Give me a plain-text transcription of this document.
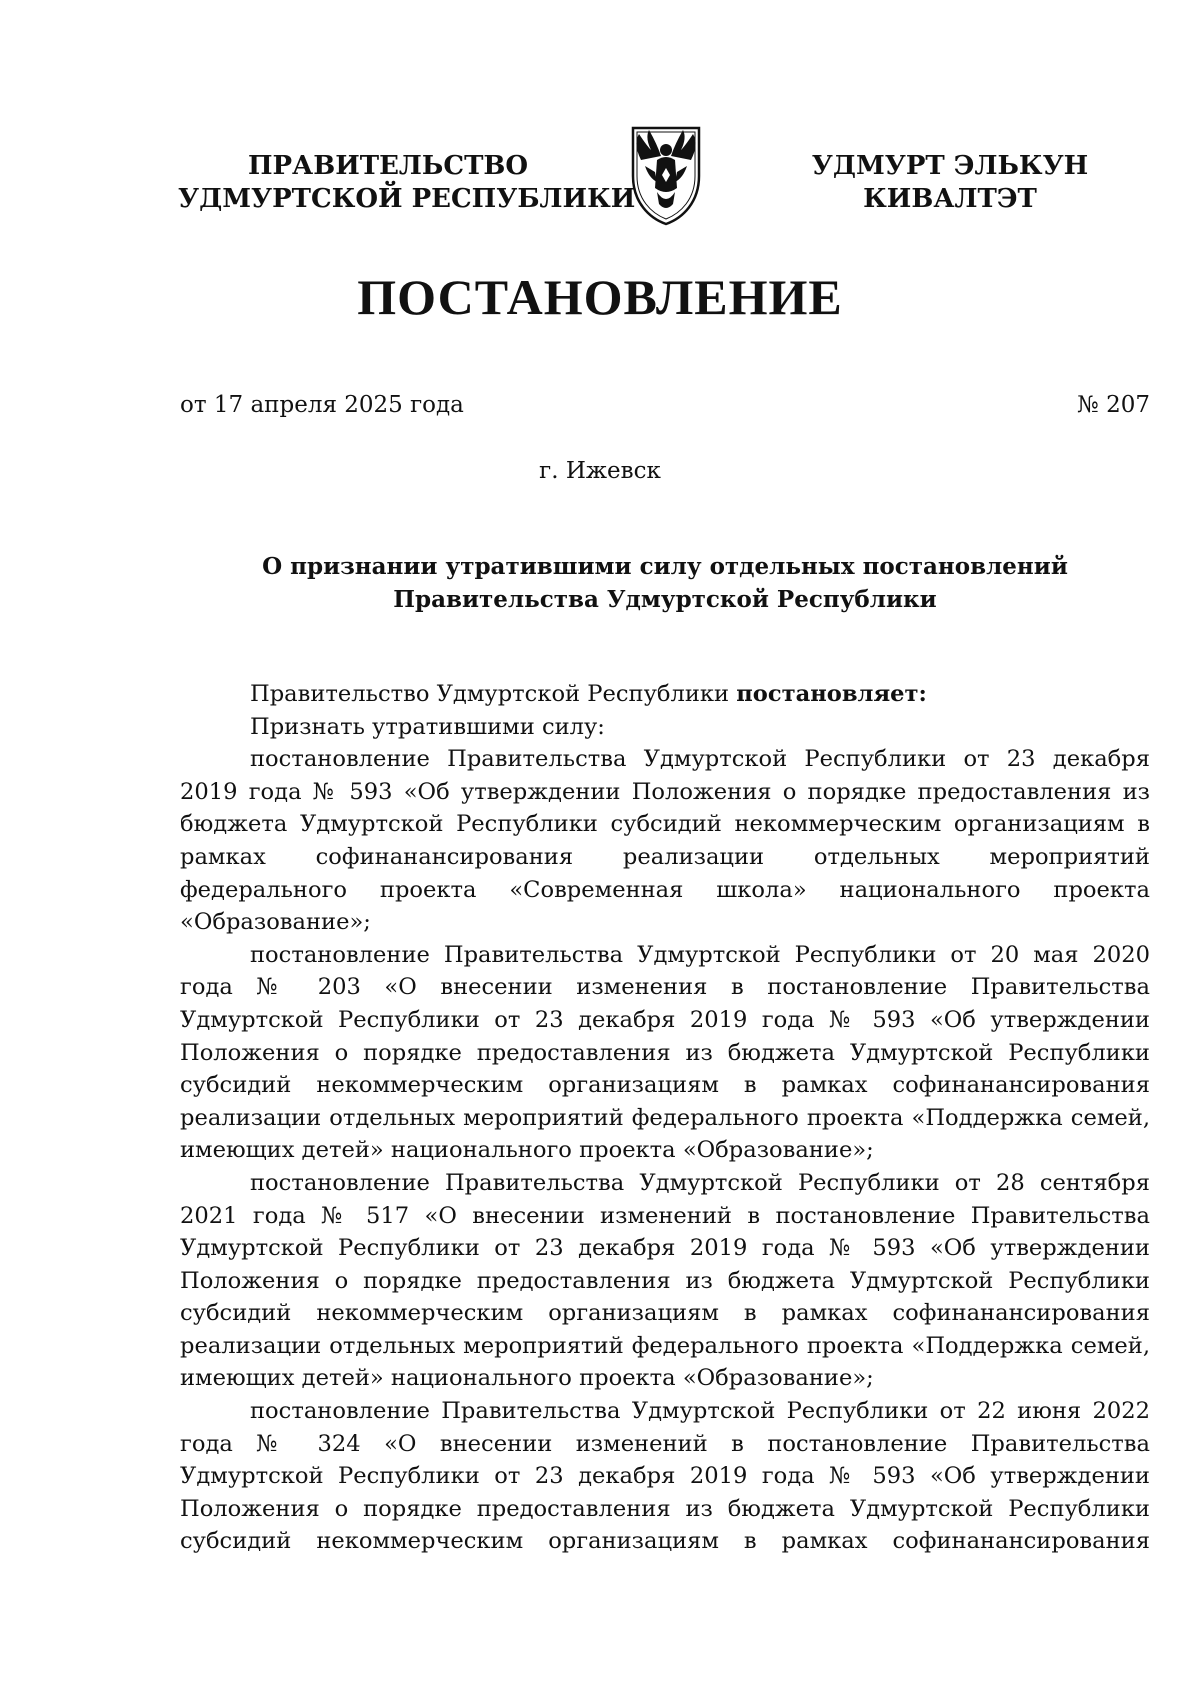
ПРАВИТЕЛЬСТВО
УДМУРТСКОЙ РЕСПУБЛИКИ
УДМУРТ ЭЛЬКУН
КИВАЛТЭТ
ПОСТАНОВЛЕНИЕ
от 17 апреля 2025 года	№ 207
г. Ижевск
О признании утратившими силу отдельных постановлений
Правительства Удмуртской Республики

Правительство Удмуртской Республики постановляет:

Признать утратившими силу:

постановление Правительства Удмуртской Республики от 23 декабря 2019 года № 593 «Об утверждении Положения о порядке предоставления из бюджета Удмуртской Республики субсидий некоммерческим организациям в рамках софинанансирования реализации отдельных мероприятий федерального проекта «Современная школа» национального проекта «Образование»;

постановление Правительства Удмуртской Республики от 20 мая 2020 года № 203 «О внесении изменения в постановление Правительства Удмуртской Республики от 23 декабря 2019 года № 593 «Об утверждении Положения о порядке предоставления из бюджета Удмуртской Республики субсидий некоммерческим организациям в рамках софинанансирования реализации отдельных мероприятий федерального проекта «Поддержка семей, имеющих детей» национального проекта «Образование»;

постановление Правительства Удмуртской Республики от 28 сентября 2021 года № 517 «О внесении изменений в постановление Правительства Удмуртской Республики от 23 декабря 2019 года № 593 «Об утверждении Положения о порядке предоставления из бюджета Удмуртской Республики субсидий некоммерческим организациям в рамках софинанансирования реализации отдельных мероприятий федерального проекта «Поддержка семей, имеющих детей» национального проекта «Образование»;

постановление Правительства Удмуртской Республики от 22 июня 2022 года № 324 «О внесении изменений в постановление Правительства Удмуртской Республики от 23 декабря 2019 года № 593 «Об утверждении Положения о порядке предоставления из бюджета Удмуртской Республики субсидий некоммерческим организациям в рамках софинанансирования
